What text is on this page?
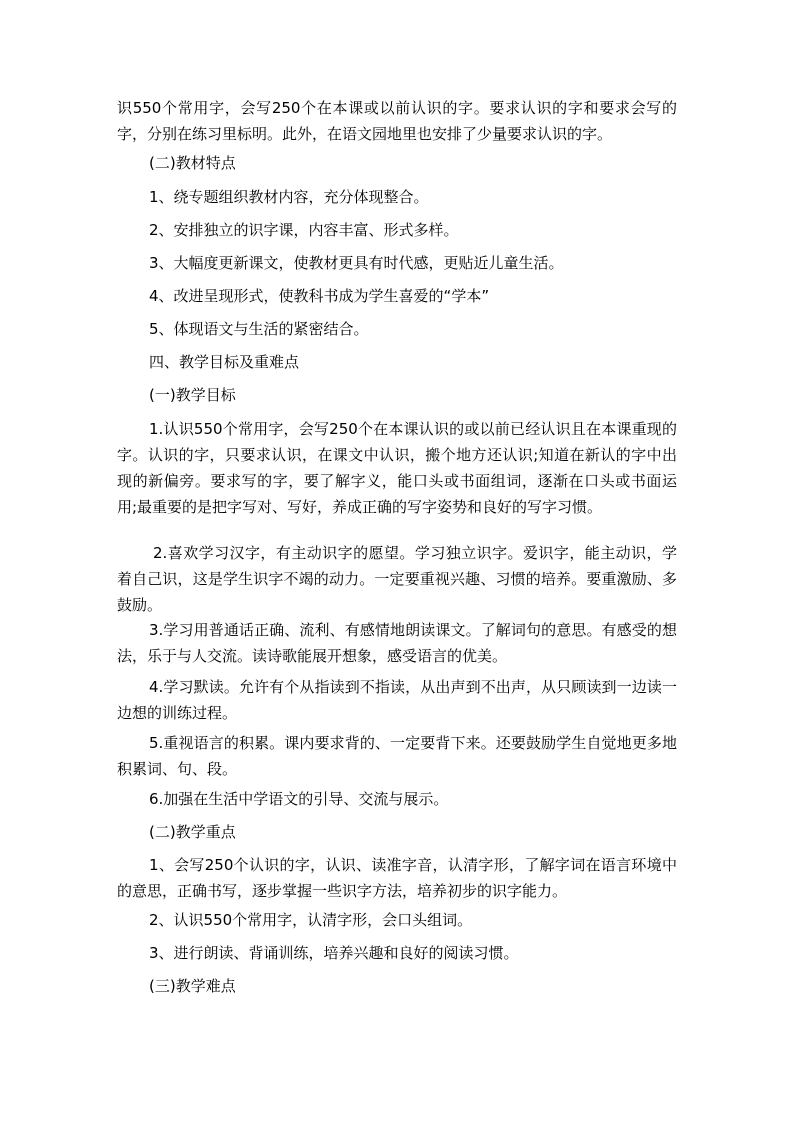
识550个常用字，会写250个在本课或以前认识的字。要求认识的字和要求会写的字，分别在练习里标明。此外，在语文园地里也安排了少量要求认识的字。

(二)教材特点

1、绕专题组织教材内容，充分体现整合。

2、安排独立的识字课，内容丰富、形式多样。

3、大幅度更新课文，使教材更具有时代感，更贴近儿童生活。

4、改进呈现形式，使教科书成为学生喜爱的“学本”

5、体现语文与生活的紧密结合。

四、教学目标及重难点

(一)教学目标

1.认识550个常用字，会写250个在本课认识的或以前已经认识且在本课重现的字。认识的字，只要求认识，在课文中认识，搬个地方还认识;知道在新认的字中出现的新偏旁。要求写的字，要了解字义，能口头或书面组词，逐渐在口头或书面运用;最重要的是把字写对、写好，养成正确的写字姿势和良好的写字习惯。

2.喜欢学习汉字，有主动识字的愿望。学习独立识字。爱识字，能主动识，学着自己识，这是学生识字不竭的动力。一定要重视兴趣、习惯的培养。要重激励、多鼓励。

3.学习用普通话正确、流利、有感情地朗读课文。了解词句的意思。有感受的想法，乐于与人交流。读诗歌能展开想象，感受语言的优美。

4.学习默读。允许有个从指读到不指读，从出声到不出声，从只顾读到一边读一边想的训练过程。

5.重视语言的积累。课内要求背的、一定要背下来。还要鼓励学生自觉地更多地积累词、句、段。

6.加强在生活中学语文的引导、交流与展示。

(二)教学重点

1、会写250个认识的字，认识、读准字音，认清字形，了解字词在语言环境中的意思，正确书写，逐步掌握一些识字方法，培养初步的识字能力。

2、认识550个常用字，认清字形，会口头组词。

3、进行朗读、背诵训练，培养兴趣和良好的阅读习惯。

(三)教学难点
